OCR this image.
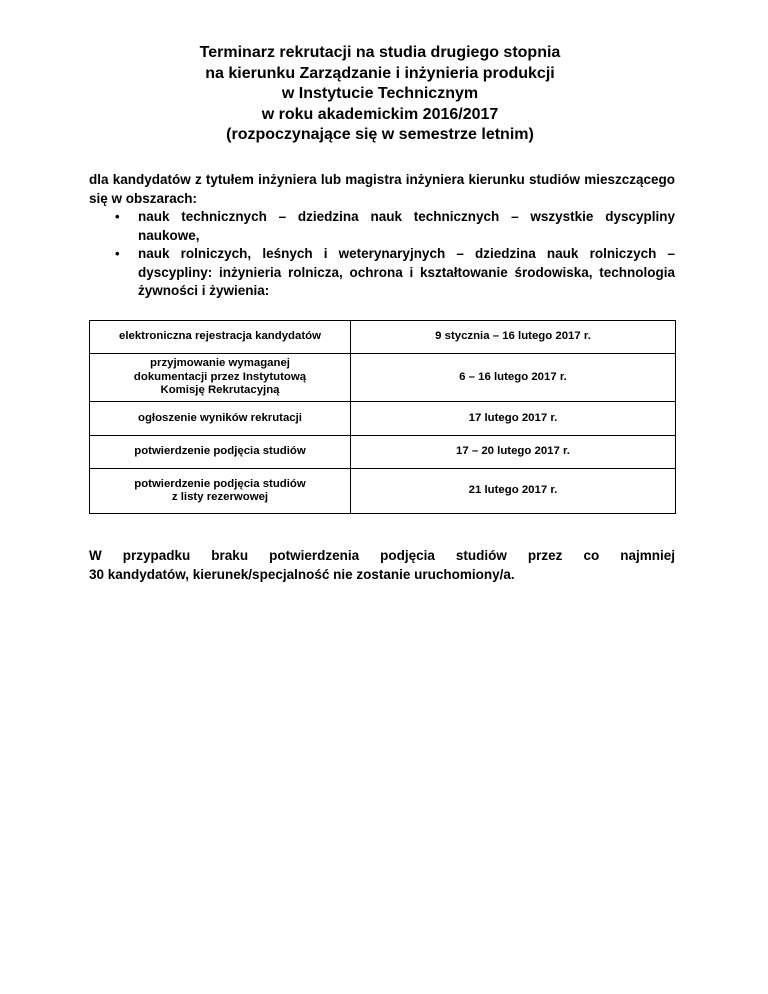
Terminarz rekrutacji na studia drugiego stopnia
na kierunku Zarządzanie i inżynieria produkcji
w Instytucie Technicznym
w roku akademickim 2016/2017
(rozpoczynające się w semestrze letnim)

dla kandydatów z tytułem inżyniera lub magistra inżyniera kierunku studiów mieszczącego się w obszarach:

• nauk technicznych – dziedzina nauk technicznych – wszystkie dyscypliny naukowe,
• nauk rolniczych, leśnych i weterynaryjnych – dziedzina nauk rolniczych – dyscypliny: inżynieria rolnicza, ochrona i kształtowanie środowiska, technologia żywności i żywienia:
elektroniczna rejestracja kandydatów	9 stycznia – 16 lutego 2017 r.
przyjmowanie wymaganej
dokumentacji przez Instytutową
Komisję Rekrutacyjną	6 – 16 lutego 2017 r.
ogłoszenie wyników rekrutacji	17 lutego 2017 r.
potwierdzenie podjęcia studiów	17 – 20 lutego 2017 r.
potwierdzenie podjęcia studiów
z listy rezerwowej	21 lutego 2017 r.
W przypadku braku potwierdzenia podjęcia studiów przez co najmniej
30 kandydatów, kierunek/specjalność nie zostanie uruchomiony/a.
